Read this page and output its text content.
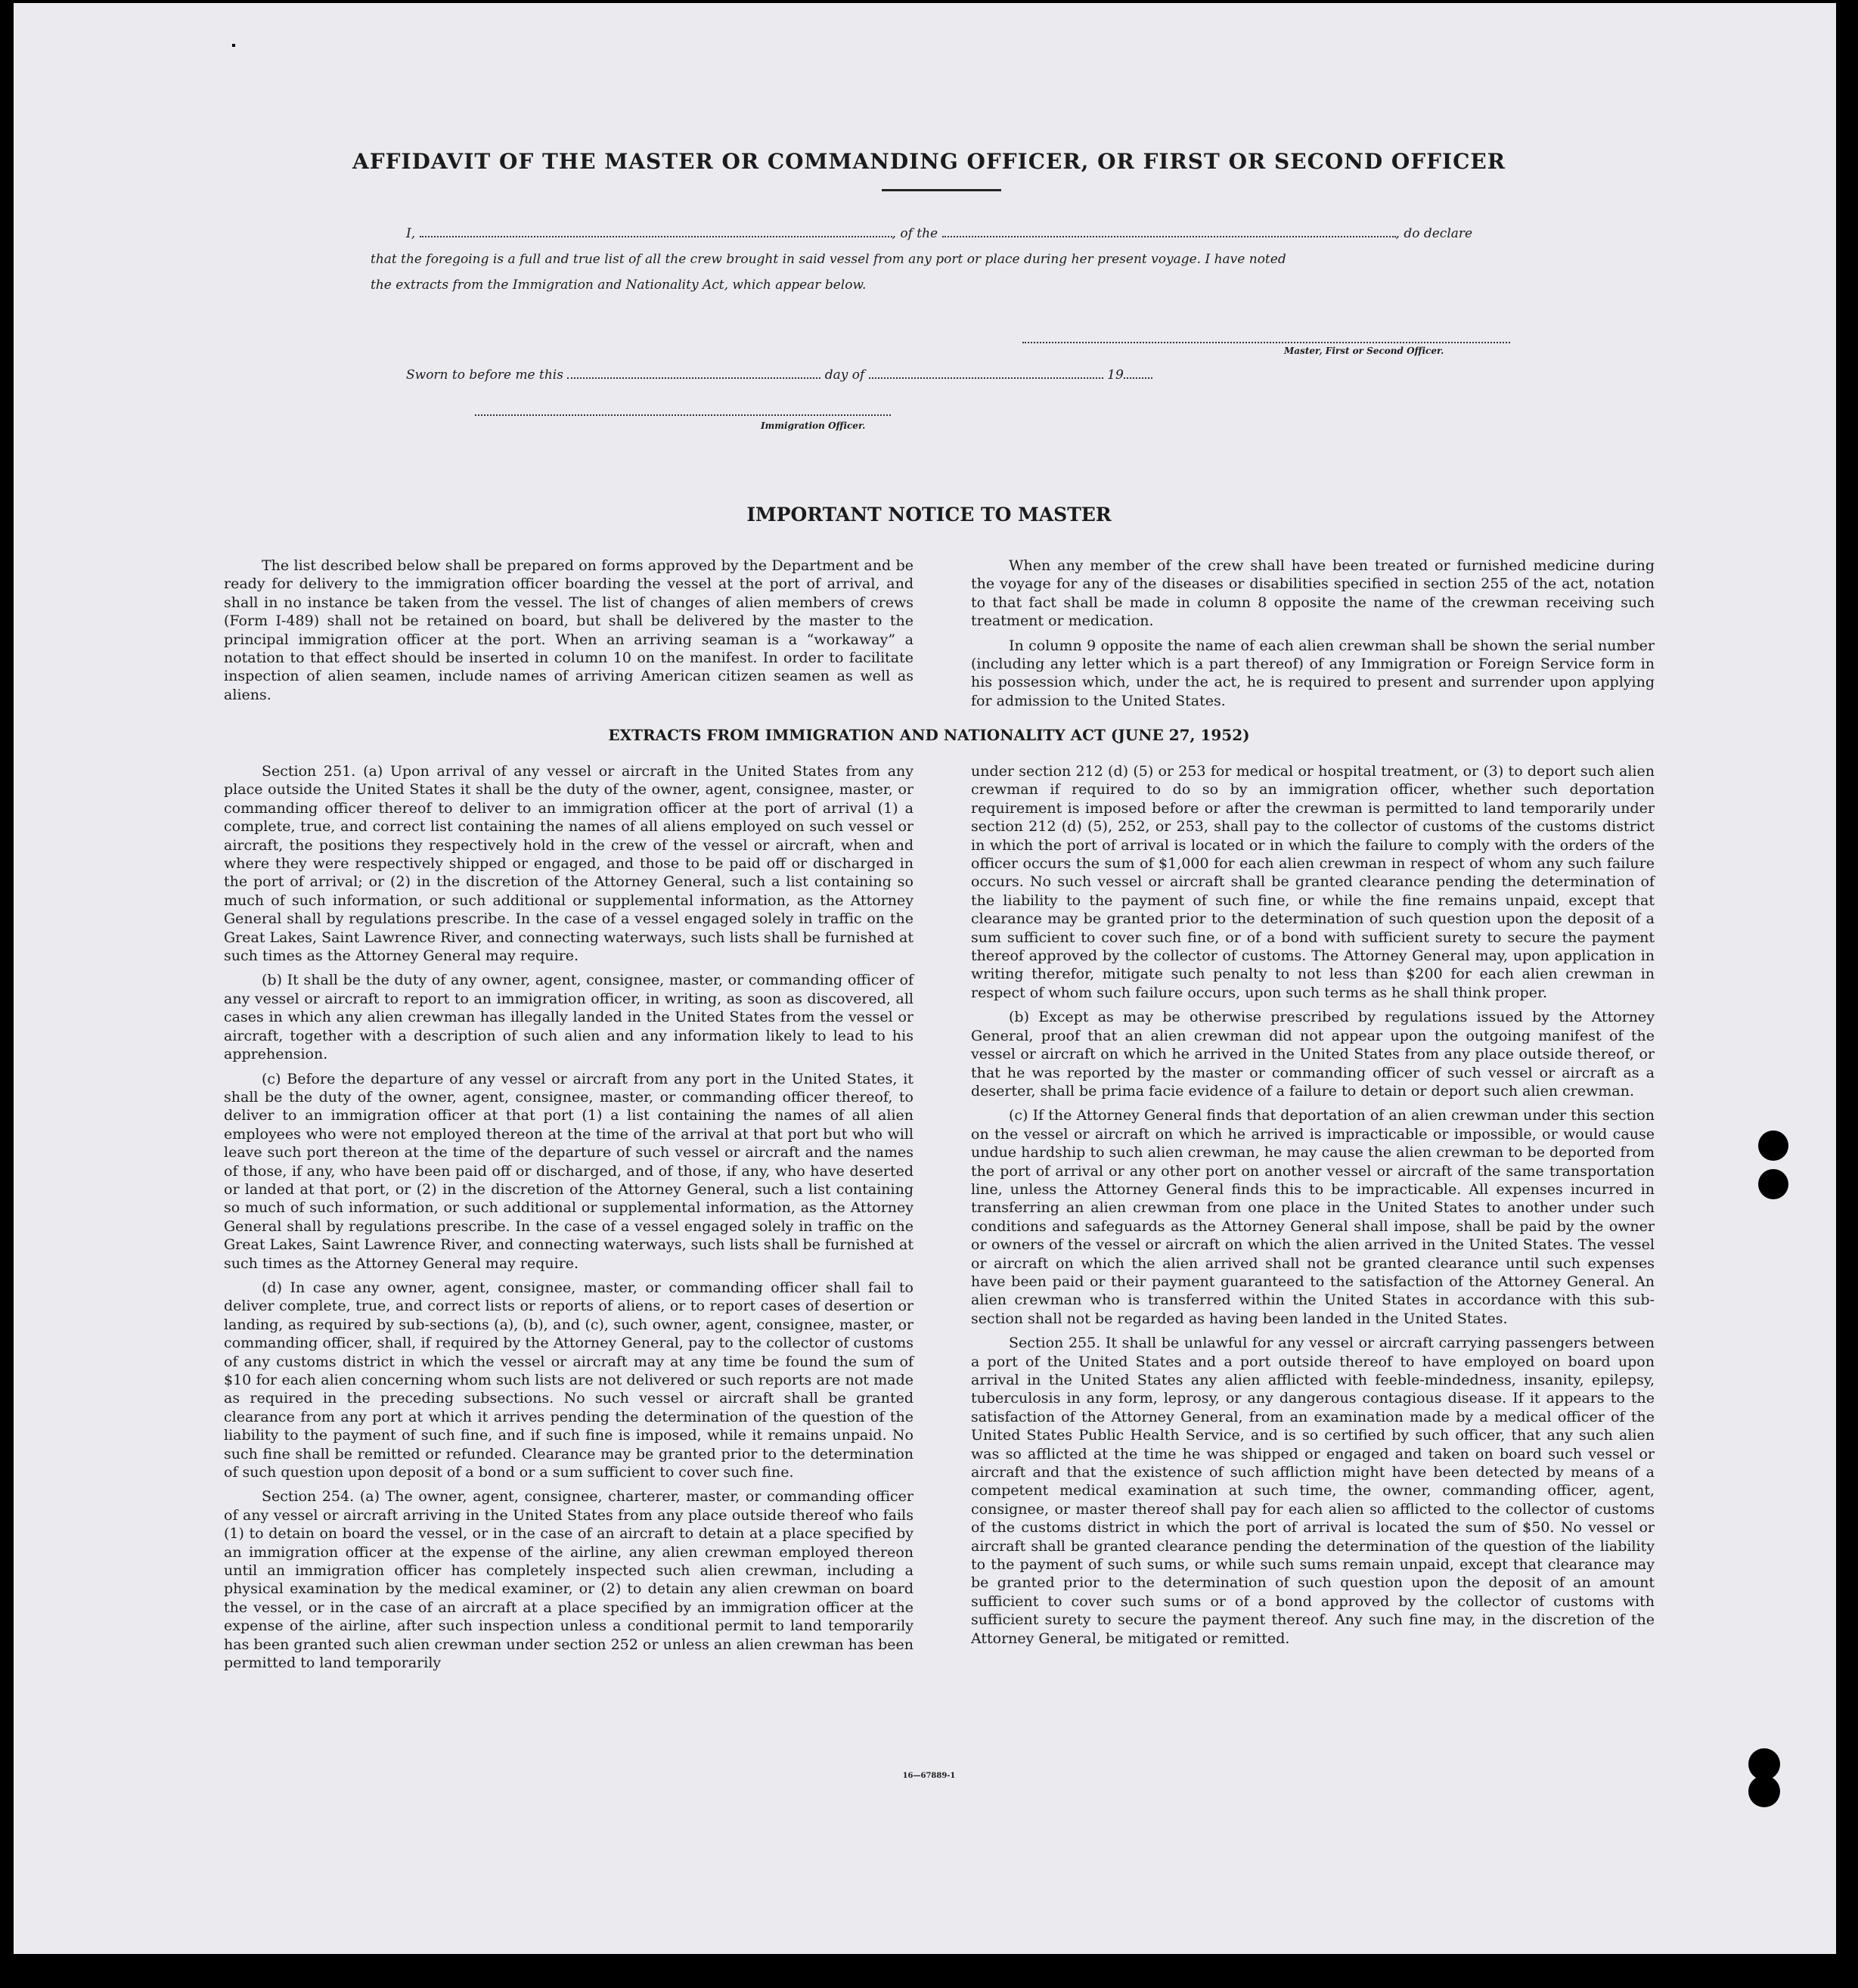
AFFIDAVIT OF THE MASTER OR COMMANDING OFFICER, OR FIRST OR SECOND OFFICER
I,	, of the	, do declare
that the foregoing is a full and true list of all the crew brought in said vessel from any port or place during her present voyage. I have noted
the extracts from the Immigration and Nationality Act, which appear below.
Master, First or Second Officer.
Sworn to before me this	day of	19
Immigration Officer.
IMPORTANT NOTICE TO MASTER

The list described below shall be prepared on forms approved by the Department and be ready for delivery to the immigration officer boarding the vessel at the port of arrival, and shall in no instance be taken from the vessel. The list of changes of alien members of crews (Form I-489) shall not be retained on board, but shall be delivered by the master to the principal immigration officer at the port. When an arriving seaman is a “workaway” a notation to that effect should be inserted in column 10 on the manifest. In order to facilitate inspection of alien seamen, include names of arriving American citizen seamen as well as aliens.

When any member of the crew shall have been treated or furnished medicine during the voyage for any of the diseases or disabilities specified in section 255 of the act, notation to that fact shall be made in column 8 opposite the name of the crewman receiving such treatment or medication.

In column 9 opposite the name of each alien crewman shall be shown the serial number (including any letter which is a part thereof) of any Immigration or Foreign Service form in his possession which, under the act, he is required to present and surrender upon applying for admission to the United States.

EXTRACTS FROM IMMIGRATION AND NATIONALITY ACT (JUNE 27, 1952)

Section 251. (a) Upon arrival of any vessel or aircraft in the United States from any place outside the United States it shall be the duty of the owner, agent, consignee, master, or commanding officer thereof to deliver to an immigration officer at the port of arrival (1) a complete, true, and correct list containing the names of all aliens employed on such vessel or aircraft, the positions they respectively hold in the crew of the vessel or aircraft, when and where they were respectively shipped or engaged, and those to be paid off or discharged in the port of arrival; or (2) in the discretion of the Attorney General, such a list containing so much of such information, or such additional or supplemental information, as the Attorney General shall by regulations prescribe. In the case of a vessel engaged solely in traffic on the Great Lakes, Saint Lawrence River, and connecting waterways, such lists shall be furnished at such times as the Attorney General may require.

(b) It shall be the duty of any owner, agent, consignee, master, or commanding officer of any vessel or aircraft to report to an immigration officer, in writing, as soon as discovered, all cases in which any alien crewman has illegally landed in the United States from the vessel or aircraft, together with a description of such alien and any information likely to lead to his apprehension.

(c) Before the departure of any vessel or aircraft from any port in the United States, it shall be the duty of the owner, agent, consignee, master, or commanding officer thereof, to deliver to an immigration officer at that port (1) a list containing the names of all alien employees who were not employed thereon at the time of the arrival at that port but who will leave such port thereon at the time of the departure of such vessel or aircraft and the names of those, if any, who have been paid off or discharged, and of those, if any, who have deserted or landed at that port, or (2) in the discretion of the Attorney General, such a list containing so much of such information, or such additional or supplemental information, as the Attorney General shall by regulations prescribe. In the case of a vessel engaged solely in traffic on the Great Lakes, Saint Lawrence River, and connecting waterways, such lists shall be furnished at such times as the Attorney General may require.

(d) In case any owner, agent, consignee, master, or commanding officer shall fail to deliver complete, true, and correct lists or reports of aliens, or to report cases of desertion or landing, as required by sub-sections (a), (b), and (c), such owner, agent, consignee, master, or commanding officer, shall, if required by the Attorney General, pay to the collector of customs of any customs district in which the vessel or aircraft may at any time be found the sum of $10 for each alien concerning whom such lists are not delivered or such reports are not made as required in the preceding subsections. No such vessel or aircraft shall be granted clearance from any port at which it arrives pending the determination of the question of the liability to the payment of such fine, and if such fine is imposed, while it remains unpaid. No such fine shall be remitted or refunded. Clearance may be granted prior to the determination of such question upon deposit of a bond or a sum sufficient to cover such fine.

Section 254. (a) The owner, agent, consignee, charterer, master, or commanding officer of any vessel or aircraft arriving in the United States from any place outside thereof who fails (1) to detain on board the vessel, or in the case of an aircraft to detain at a place specified by an immigration officer at the expense of the airline, any alien crewman employed thereon until an immigration officer has completely inspected such alien crewman, including a physical examination by the medical examiner, or (2) to detain any alien crewman on board the vessel, or in the case of an aircraft at a place specified by an immigration officer at the expense of the airline, after such inspection unless a conditional permit to land temporarily has been granted such alien crewman under section 252 or unless an alien crewman has been permitted to land temporarily

under section 212 (d) (5) or 253 for medical or hospital treatment, or (3) to deport such alien crewman if required to do so by an immigration officer, whether such deportation requirement is imposed before or after the crewman is permitted to land temporarily under section 212 (d) (5), 252, or 253, shall pay to the collector of customs of the customs district in which the port of arrival is located or in which the failure to comply with the orders of the officer occurs the sum of $1,000 for each alien crewman in respect of whom any such failure occurs. No such vessel or aircraft shall be granted clearance pending the determination of the liability to the payment of such fine, or while the fine remains unpaid, except that clearance may be granted prior to the determination of such question upon the deposit of a sum sufficient to cover such fine, or of a bond with sufficient surety to secure the payment thereof approved by the collector of customs. The Attorney General may, upon application in writing therefor, mitigate such penalty to not less than $200 for each alien crewman in respect of whom such failure occurs, upon such terms as he shall think proper.

(b) Except as may be otherwise prescribed by regulations issued by the Attorney General, proof that an alien crewman did not appear upon the outgoing manifest of the vessel or aircraft on which he arrived in the United States from any place outside thereof, or that he was reported by the master or commanding officer of such vessel or aircraft as a deserter, shall be prima facie evidence of a failure to detain or deport such alien crewman.

(c) If the Attorney General finds that deportation of an alien crewman under this section on the vessel or aircraft on which he arrived is impracticable or impossible, or would cause undue hardship to such alien crewman, he may cause the alien crewman to be deported from the port of arrival or any other port on another vessel or aircraft of the same transportation line, unless the Attorney General finds this to be impracticable. All expenses incurred in transferring an alien crewman from one place in the United States to another under such conditions and safeguards as the Attorney General shall impose, shall be paid by the owner or owners of the vessel or aircraft on which the alien arrived in the United States. The vessel or aircraft on which the alien arrived shall not be granted clearance until such expenses have been paid or their payment guaranteed to the satisfaction of the Attorney General. An alien crewman who is transferred within the United States in accordance with this sub-section shall not be regarded as having been landed in the United States.

Section 255. It shall be unlawful for any vessel or aircraft carrying passengers between a port of the United States and a port outside thereof to have employed on board upon arrival in the United States any alien afflicted with feeble-mindedness, insanity, epilepsy, tuberculosis in any form, leprosy, or any dangerous contagious disease. If it appears to the satisfaction of the Attorney General, from an examination made by a medical officer of the United States Public Health Service, and is so certified by such officer, that any such alien was so afflicted at the time he was shipped or engaged and taken on board such vessel or aircraft and that the existence of such affliction might have been detected by means of a competent medical examination at such time, the owner, commanding officer, agent, consignee, or master thereof shall pay for each alien so afflicted to the collector of customs of the customs district in which the port of arrival is located the sum of $50. No vessel or aircraft shall be granted clearance pending the determination of the question of the liability to the payment of such sums, or while such sums remain unpaid, except that clearance may be granted prior to the determination of such question upon the deposit of an amount sufficient to cover such sums or of a bond approved by the collector of customs with sufficient surety to secure the payment thereof. Any such fine may, in the discretion of the Attorney General, be mitigated or remitted.

16—67889-1
